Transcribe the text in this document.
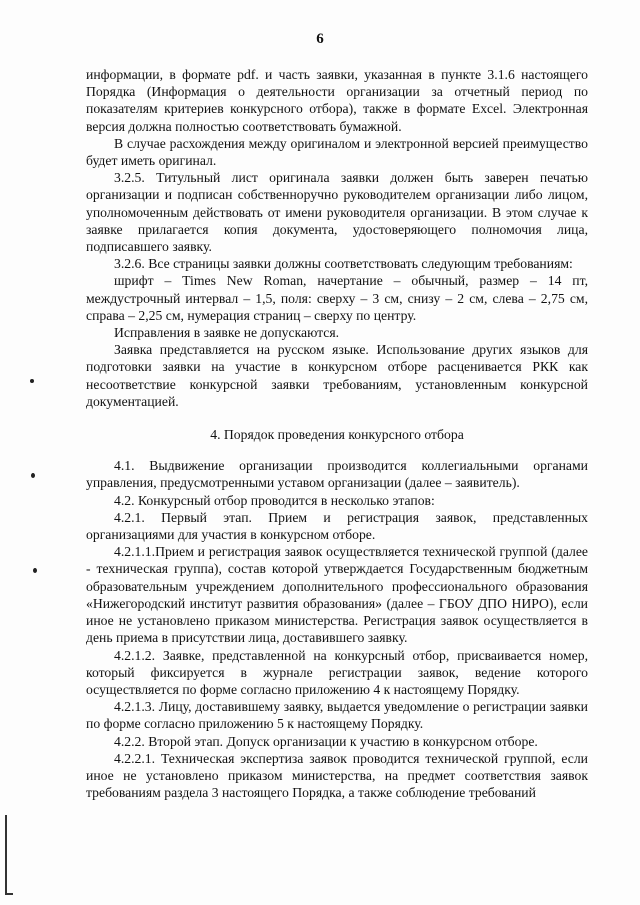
6

информации, в формате pdf. и часть заявки, указанная в пункте 3.1.6 настоящего Порядка (Информация о деятельности организации за отчетный период по показателям критериев конкурсного отбора), также в формате Excel. Электронная версия должна полностью соответствовать бумажной.

В случае расхождения между оригиналом и электронной версией преимущество будет иметь оригинал.

3.2.5. Титульный лист оригинала заявки должен быть заверен печатью организации и подписан собственноручно руководителем организации либо лицом, уполномоченным действовать от имени руководителя организации. В этом случае к заявке прилагается копия документа, удостоверяющего полномочия лица, подписавшего заявку.

3.2.6. Все страницы заявки должны соответствовать следующим требованиям:

шрифт – Times New Roman, начертание – обычный, размер – 14 пт, междустрочный интервал – 1,5, поля: сверху – 3 см, снизу – 2 см, слева – 2,75 см, справа – 2,25 см, нумерация страниц – сверху по центру.

Исправления в заявке не допускаются.

Заявка представляется на русском языке. Использование других языков для подготовки заявки на участие в конкурсном отборе расценивается РКК как несоответствие конкурсной заявки требованиям, установленным конкурсной документацией.

4. Порядок проведения конкурсного отбора

4.1. Выдвижение организации производится коллегиальными органами управления, предусмотренными уставом организации (далее – заявитель).

4.2. Конкурсный отбор проводится в несколько этапов:

4.2.1. Первый этап. Прием и регистрация заявок, представленных организациями для участия в конкурсном отборе.

4.2.1.1.Прием и регистрация заявок осуществляется технической группой (далее - техническая группа), состав которой утверждается Государственным бюджетным образовательным учреждением дополнительного профессионального образования «Нижегородский институт развития образования» (далее – ГБОУ ДПО НИРО), если иное не установлено приказом министерства. Регистрация заявок осуществляется в день приема в присутствии лица, доставившего заявку.

4.2.1.2. Заявке, представленной на конкурсный отбор, присваивается номер, который фиксируется в журнале регистрации заявок, ведение которого осуществляется по форме согласно приложению 4 к настоящему Порядку.

4.2.1.3. Лицу, доставившему заявку, выдается уведомление о регистрации заявки по форме согласно приложению 5 к настоящему Порядку.

4.2.2. Второй этап. Допуск организации к участию в конкурсном отборе.

4.2.2.1. Техническая экспертиза заявок проводится технической группой, если иное не установлено приказом министерства, на предмет соответствия заявок требованиям раздела 3 настоящего Порядка, а также соблюдение требований
